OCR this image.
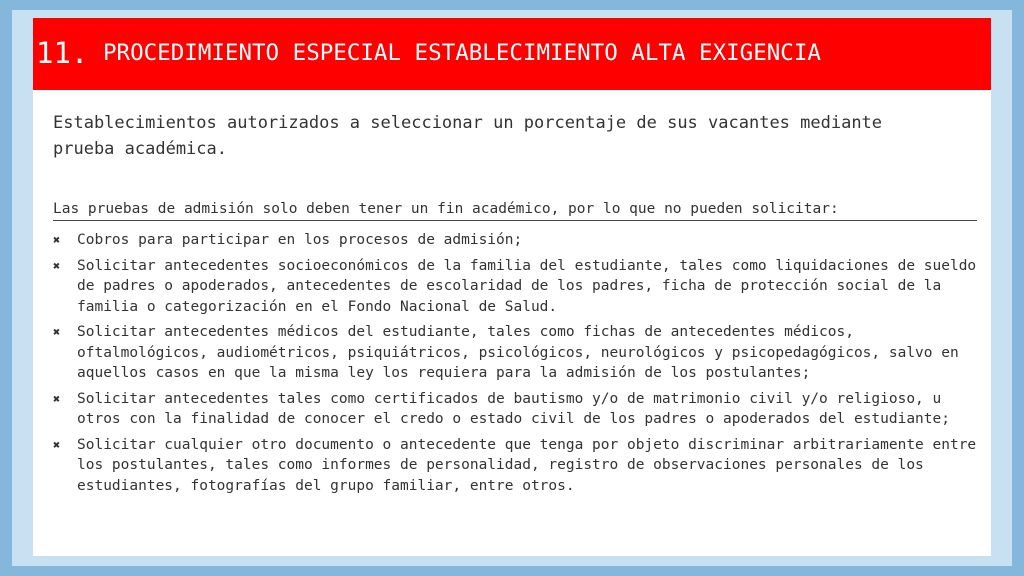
11. PROCEDIMIENTO ESPECIAL ESTABLECIMIENTO ALTA EXIGENCIA
Establecimientos autorizados a seleccionar un porcentaje de sus vacantes mediante prueba académica.
Las pruebas de admisión solo deben tener un fin académico, por lo que no pueden solicitar:
✖ Cobros para participar en los procesos de admisión;
✖ Solicitar antecedentes socioeconómicos de la familia del estudiante, tales como liquidaciones de sueldo de padres o apoderados, antecedentes de escolaridad de los padres, ficha de protección social de la familia o categorización en el Fondo Nacional de Salud.
✖ Solicitar antecedentes médicos del estudiante, tales como fichas de antecedentes médicos, oftalmológicos, audiométricos, psiquiátricos, psicológicos, neurológicos y psicopedagógicos, salvo en aquellos casos en que la misma ley los requiera para la admisión de los postulantes;
✖ Solicitar antecedentes tales como certificados de bautismo y/o de matrimonio civil y/o religioso, u otros con la finalidad de conocer el credo o estado civil de los padres o apoderados del estudiante;
✖ Solicitar cualquier otro documento o antecedente que tenga por objeto discriminar arbitrariamente entre los postulantes, tales como informes de personalidad, registro de observaciones personales de los estudiantes, fotografías del grupo familiar, entre otros.
